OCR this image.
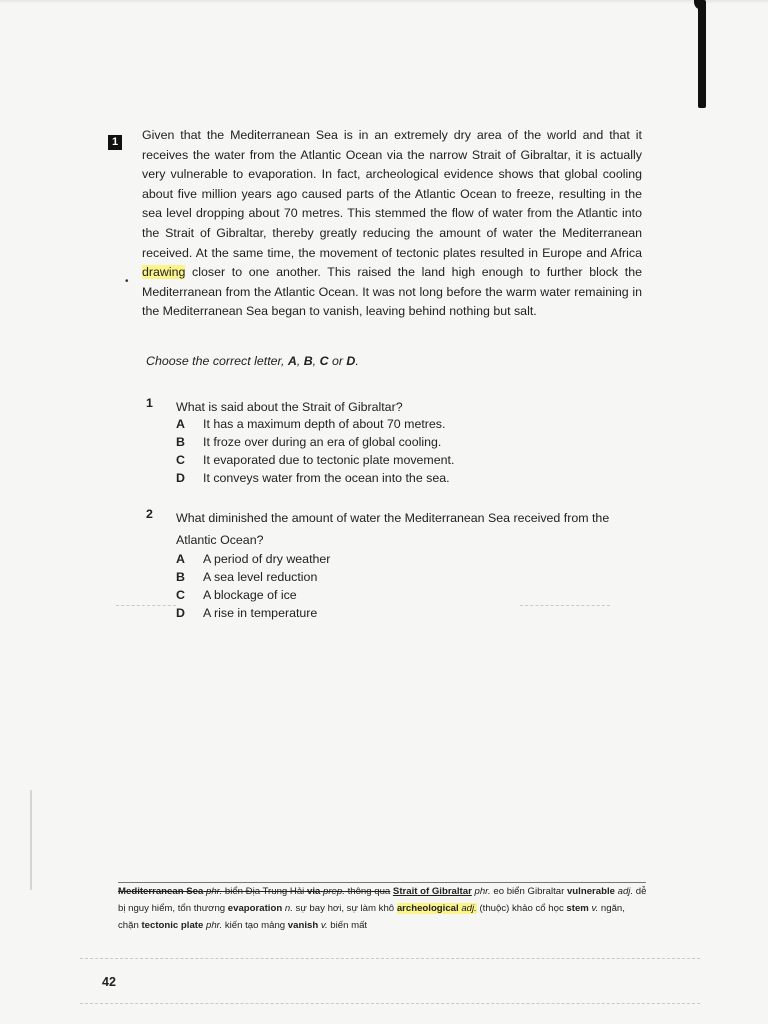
1
•
Given that the Mediterranean Sea is in an extremely dry area of the world and that it receives the water from the Atlantic Ocean via the narrow Strait of Gibraltar, it is actually very vulnerable to evaporation. In fact, archeological evidence shows that global cooling about five million years ago caused parts of the Atlantic Ocean to freeze, resulting in the sea level dropping about 70 metres. This stemmed the flow of water from the Atlantic into the Strait of Gibraltar, thereby greatly reducing the amount of water the Mediterranean received. At the same time, the movement of tectonic plates resulted in Europe and Africa drawing closer to one another. This raised the land high enough to further block the Mediterranean from the Atlantic Ocean. It was not long before the warm water remaining in the Mediterranean Sea began to vanish, leaving behind nothing but salt.
Choose the correct letter, A, B, C or D.
1 What is said about the Strait of Gibraltar?
A It has a maximum depth of about 70 metres.
B It froze over during an era of global cooling.
C It evaporated due to tectonic plate movement.
D It conveys water from the ocean into the sea.
2 What diminished the amount of water the Mediterranean Sea received from the Atlantic Ocean?
A A period of dry weather
B A sea level reduction
C A blockage of ice
D A rise in temperature
Mediterranean Sea phr. biển Địa Trung Hải via prep. thông qua Strait of Gibraltar phr. eo biển Gibraltar vulnerable adj. dễ bị nguy hiểm, tổn thương evaporation n. sự bay hơi, sự làm khô archeological adj. (thuộc) khảo cổ học stem v. ngăn, chặn tectonic plate phr. kiến tạo mảng vanish v. biến mất
42
